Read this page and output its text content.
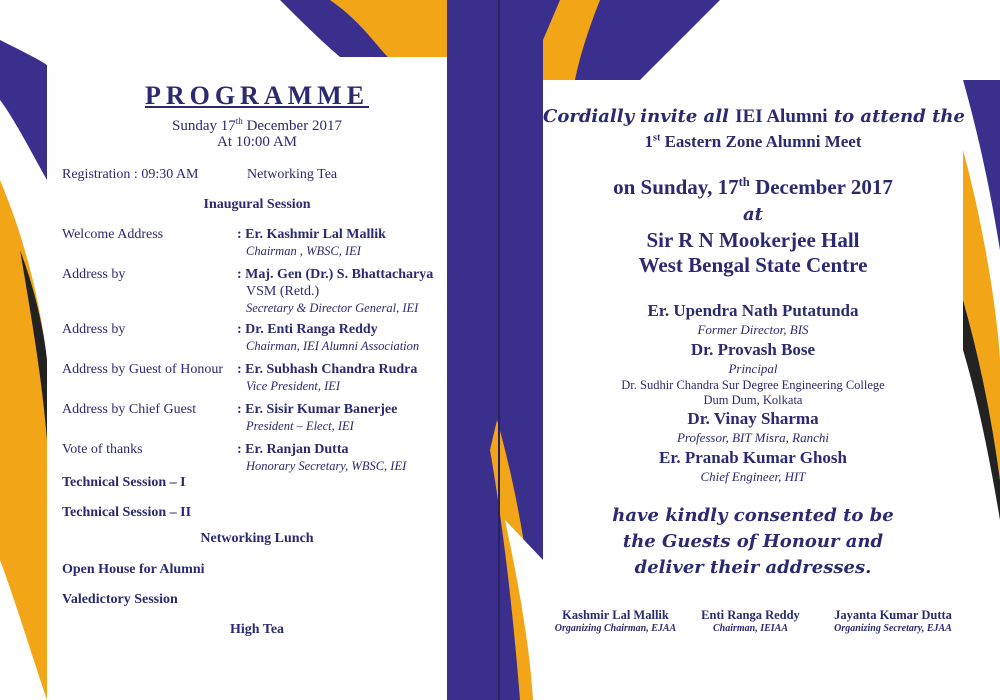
PROGRAMME
Sunday 17th December 2017
At 10:00 AM
Registration : 09:30 AM	Networking Tea
Inaugural Session
Welcome Address	: Er. Kashmir Lal Mallik
Chairman , WBSC, IEI
Address by	: Maj. Gen (Dr.) S. Bhattacharya
VSM (Retd.)
Secretary & Director General, IEI
Address by	: Dr. Enti Ranga Reddy
Chairman, IEI Alumni Association
Address by Guest of Honour : Er. Subhash Chandra Rudra
Vice President, IEI
Address by Chief Guest	: Er. Sisir Kumar Banerjee
President – Elect, IEI
Vote of thanks	: Er. Ranjan Dutta
Honorary Secretary, WBSC, IEI
Technical Session – I
Technical Session – II
Networking Lunch
Open House for Alumni
Valedictory Session
High Tea
Cordially invite all IEI Alumni to attend the
1st Eastern Zone Alumni Meet
on Sunday, 17th December 2017
at
Sir R N Mookerjee Hall
West Bengal State Centre
Er. Upendra Nath Putatunda
Former Director, BIS
Dr. Provash Bose
Principal
Dr. Sudhir Chandra Sur Degree Engineering College
Dum Dum, Kolkata
Dr. Vinay Sharma
Professor, BIT Misra, Ranchi
Er. Pranab Kumar Ghosh
Chief Engineer, HIT
have kindly consented to be
the Guests of Honour and
deliver their addresses.
Kashmir Lal Mallik
Organizing Chairman, EJAA
Enti Ranga Reddy
Chairman, IEIAA
Jayanta Kumar Dutta
Organizing Secretary, EJAA
